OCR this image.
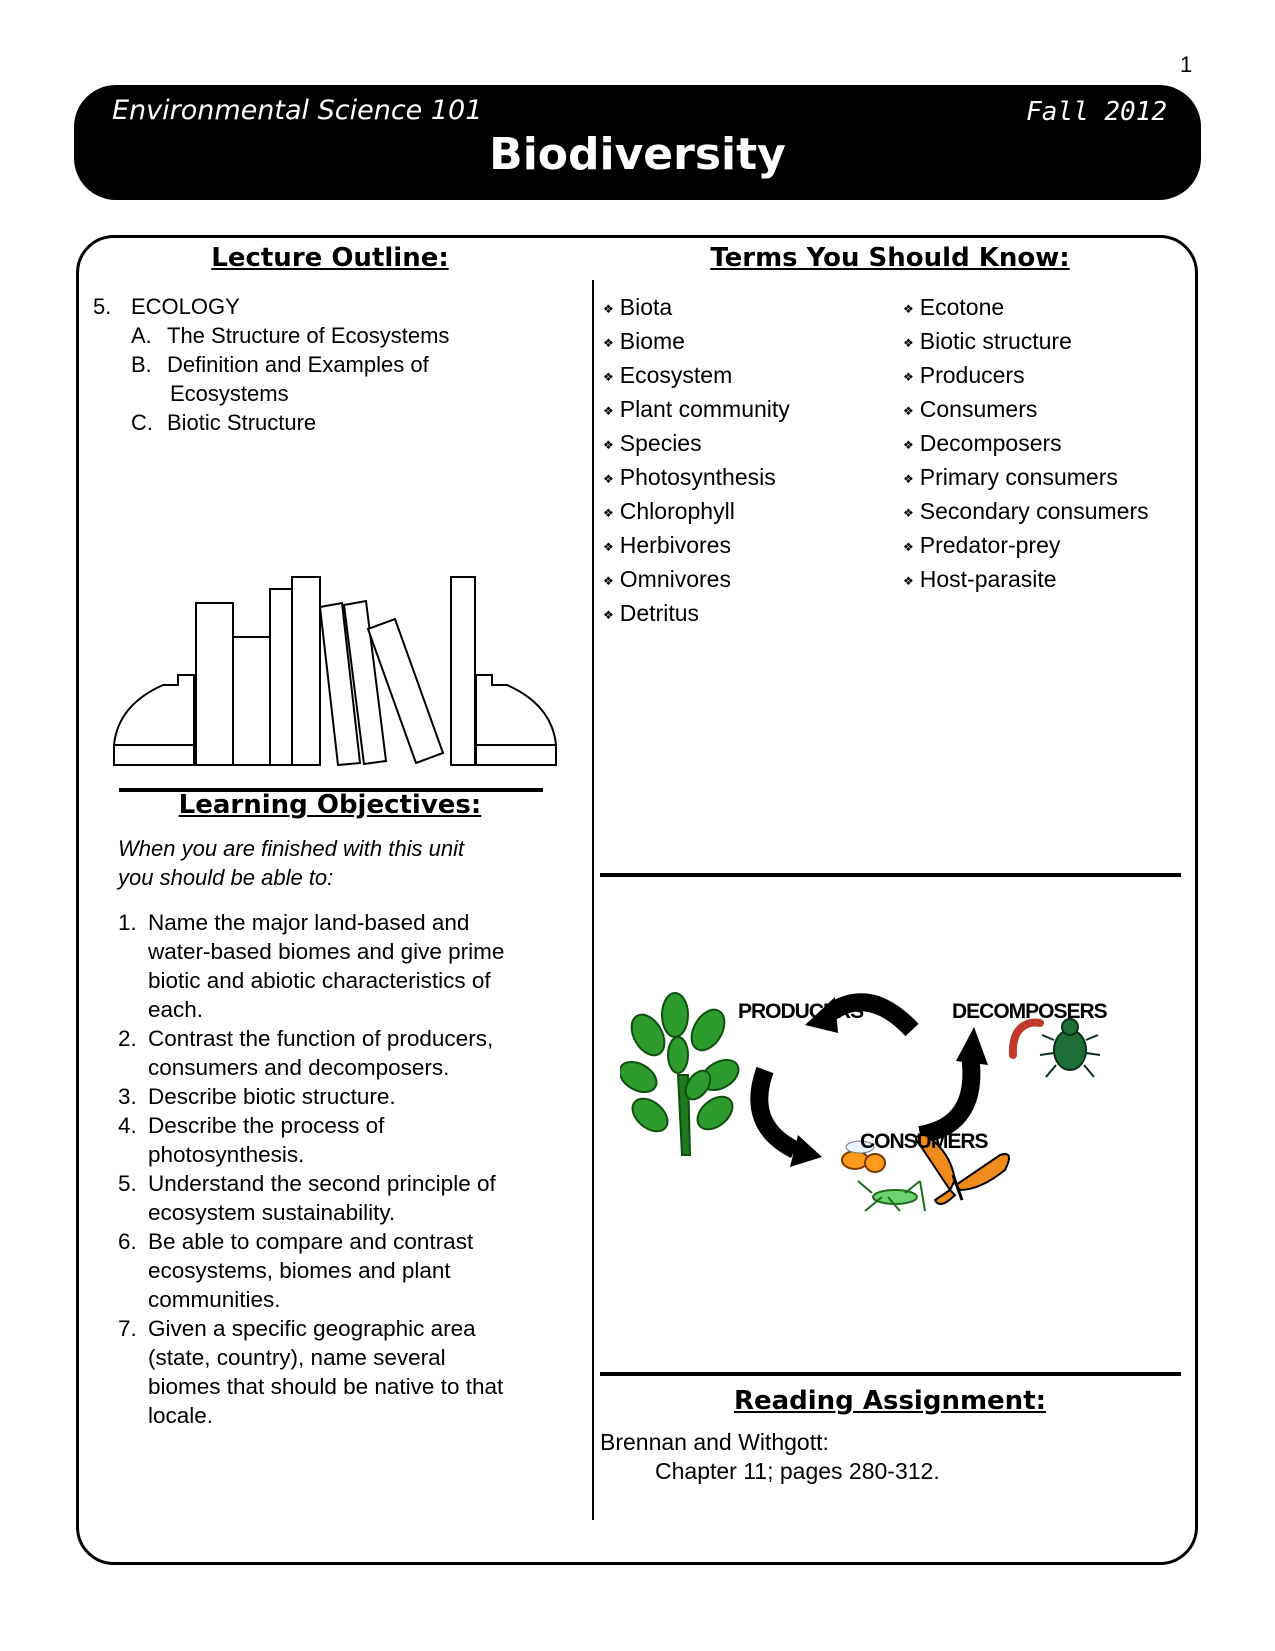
1
Environmental Science 101	Fall 2012
Biodiversity
Lecture Outline:
5. ECOLOGY
A. The Structure of Ecosystems
B. Definition and Examples of
Ecosystems
C. Biotic Structure
Learning Objectives:
When you are finished with this unit
you should be able to:
1. Name the major land-based and
water-based biomes and give prime
biotic and abiotic characteristics of
each.
2. Contrast the function of producers,
consumers and decomposers.
3. Describe biotic structure.
4. Describe the process of
photosynthesis.
5. Understand the second principle of
ecosystem sustainability.
6. Be able to compare and contrast
ecosystems, biomes and plant
communities.
7. Given a specific geographic area
(state, country), name several
biomes that should be native to that
locale.
Terms You Should Know:
❖ Biota
❖ Biome
❖ Ecosystem
❖ Plant community
❖ Species
❖ Photosynthesis
❖ Chlorophyll
❖ Herbivores
❖ Omnivores
❖ Detritus
❖ Ecotone
❖ Biotic structure
❖ Producers
❖ Consumers
❖ Decomposers
❖ Primary consumers
❖ Secondary consumers
❖ Predator-prey
❖ Host-parasite
PRODUCERS	DECOMPOSERS
CONSUMERS
Reading Assignment:
Brennan and Withgott:
Chapter 11; pages 280-312.
